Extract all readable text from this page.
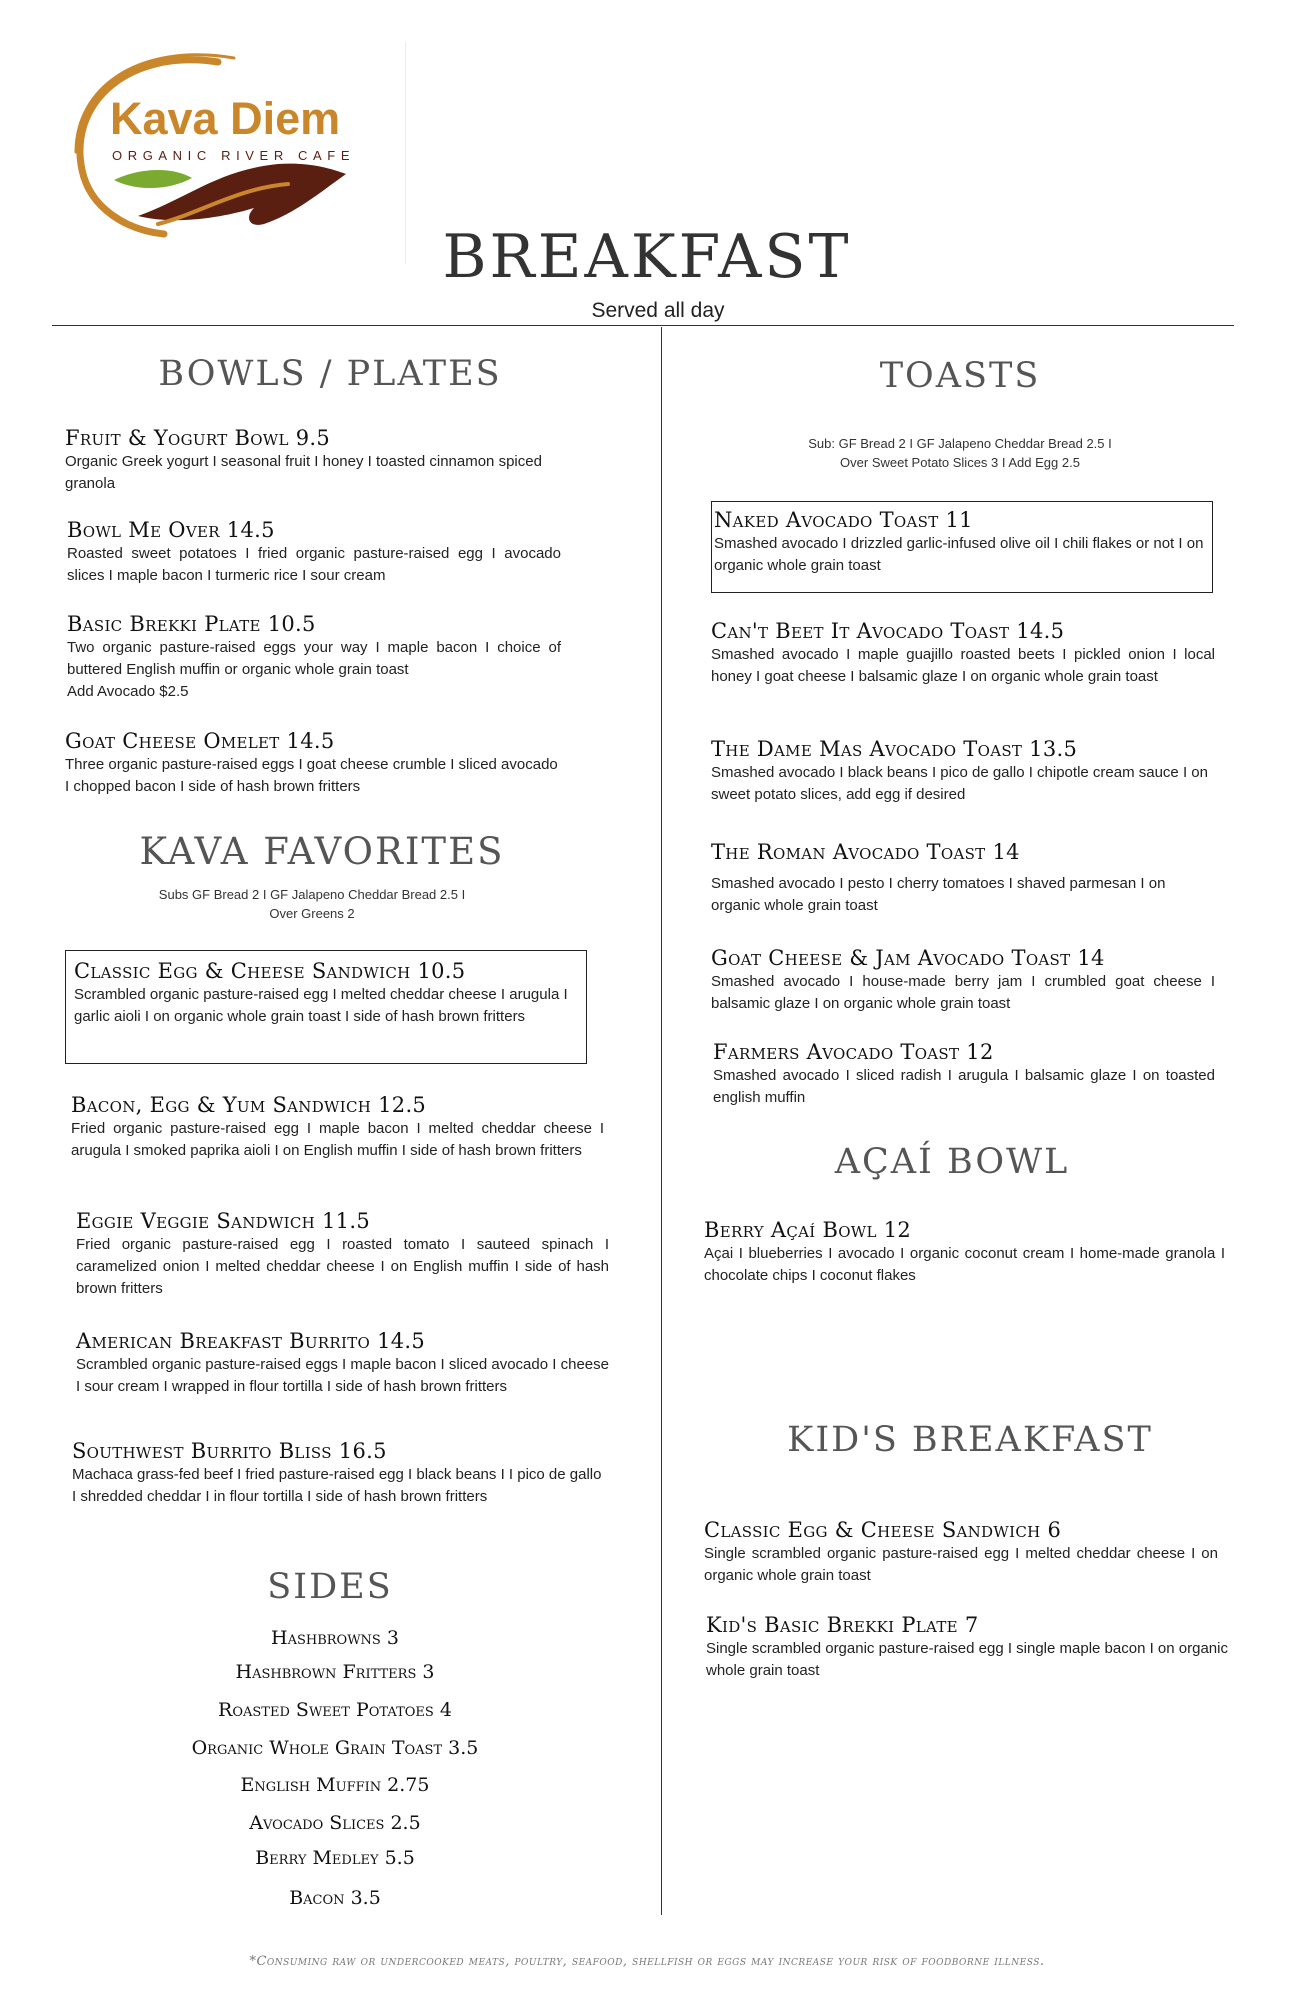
Kava Diem
ORGANIC RIVER CAFE
BREAKFAST
Served all day
BOWLS / PLATES
Fruit & Yogurt Bowl 9.5
Organic Greek yogurt I seasonal fruit I honey I toasted cinnamon spiced granola
Bowl Me Over 14.5
Roasted sweet potatoes I fried organic pasture-raised egg I avocado slices I maple bacon I turmeric rice I sour cream
Basic Brekki Plate 10.5
Two organic pasture-raised eggs your way I maple bacon I choice of buttered English muffin or organic whole grain toast
Add Avocado $2.5
Goat Cheese Omelet 14.5
Three organic pasture-raised eggs I goat cheese crumble I sliced avocado I chopped bacon I side of hash brown fritters
KAVA FAVORITES
Subs GF Bread 2 I GF Jalapeno Cheddar Bread 2.5 I
Over Greens 2
Classic Egg & Cheese Sandwich 10.5
Scrambled organic pasture-raised egg I melted cheddar cheese I arugula I garlic aioli I on organic whole grain toast I side of hash brown fritters
Bacon, Egg & Yum Sandwich 12.5
Fried organic pasture-raised egg I maple bacon I melted cheddar cheese I arugula I smoked paprika aioli I on English muffin I side of hash brown fritters
Eggie Veggie Sandwich 11.5
Fried organic pasture-raised egg I roasted tomato I sauteed spinach I caramelized onion I melted cheddar cheese I on English muffin I side of hash brown fritters
American Breakfast Burrito 14.5
Scrambled organic pasture-raised eggs I maple bacon I sliced avocado I cheese I sour cream I wrapped in flour tortilla I side of hash brown fritters
Southwest Burrito Bliss 16.5
Machaca grass-fed beef I fried pasture-raised egg I black beans I I pico de gallo I shredded cheddar I in flour tortilla I side of hash brown fritters
SIDES
Hashbrowns 3
Hashbrown Fritters 3
Roasted Sweet Potatoes 4
Organic Whole Grain Toast 3.5
English Muffin 2.75
Avocado Slices 2.5
Berry Medley 5.5
Bacon 3.5
TOASTS
Sub: GF Bread 2 I GF Jalapeno Cheddar Bread 2.5 I
Over Sweet Potato Slices 3 I Add Egg 2.5
Naked Avocado Toast 11
Smashed avocado I drizzled garlic-infused olive oil I chili flakes or not I on organic whole grain toast
Can't Beet It Avocado Toast 14.5
Smashed avocado I maple guajillo roasted beets I pickled onion I local honey I goat cheese I balsamic glaze I on organic whole grain toast
The Dame Mas Avocado Toast 13.5
Smashed avocado I black beans I pico de gallo I chipotle cream sauce I on sweet potato slices, add egg if desired
The Roman Avocado Toast 14
Smashed avocado I pesto I cherry tomatoes I shaved parmesan I on organic whole grain toast
Goat Cheese & Jam Avocado Toast 14
Smashed avocado I house-made berry jam I crumbled goat cheese I balsamic glaze I on organic whole grain toast
Farmers Avocado Toast 12
Smashed avocado I sliced radish I arugula I balsamic glaze I on toasted english muffin
AÇAÍ BOWL
Berry Açaí Bowl 12
Açai I blueberries I avocado I organic coconut cream I home-made granola I chocolate chips I coconut flakes
KID'S BREAKFAST
Classic Egg & Cheese Sandwich 6
Single scrambled organic pasture-raised egg I melted cheddar cheese I on organic whole grain toast
Kid's Basic Brekki Plate 7
Single scrambled organic pasture-raised egg I single maple bacon I on organic whole grain toast
*Consuming raw or undercooked meats, poultry, seafood, shellfish or eggs may increase your risk of foodborne illness.
